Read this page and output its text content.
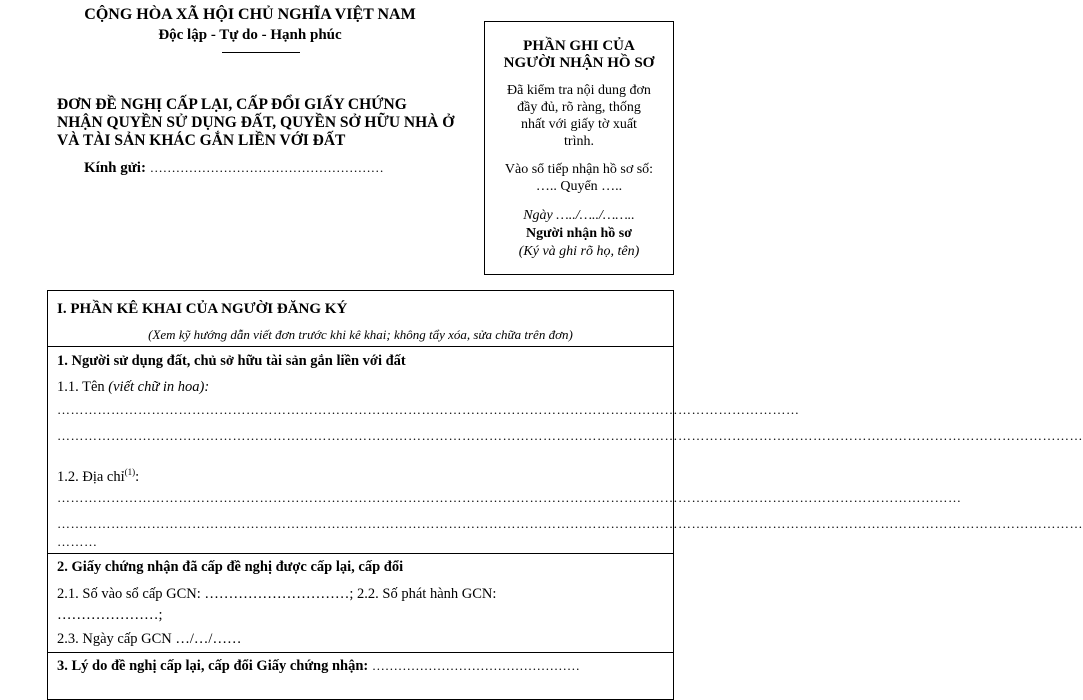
CỘNG HÒA XÃ HỘI CHỦ NGHĨA VIỆT NAM
Độc lập - Tự do - Hạnh phúc
PHẦN GHI CỦA
NGƯỜI NHẬN HỒ SƠ
Đã kiểm tra nội dung đơn
đầy đủ, rõ ràng, thống
nhất với giấy tờ xuất
trình.
Vào sổ tiếp nhận hồ sơ số:
….. Quyển …..
Ngày …../…../……..
Người nhận hồ sơ
(Ký và ghi rõ họ, tên)
ĐƠN ĐỀ NGHỊ CẤP LẠI, CẤP ĐỔI GIẤY CHỨNG
NHẬN QUYỀN SỬ DỤNG ĐẤT, QUYỀN SỞ HỮU NHÀ Ở
VÀ TÀI SẢN KHÁC GẮN LIỀN VỚI ĐẤT
Kính gửi: ………………………………………………
I. PHẦN KÊ KHAI CỦA NGƯỜI ĐĂNG KÝ
(Xem kỹ hướng dẫn viết đơn trước khi kê khai; không tẩy xóa, sửa chữa trên đơn)
1. Người sử dụng đất, chủ sở hữu tài sản gắn liền với đất
1.1. Tên (viết chữ in hoa):
…………………………………………………………………………………………………………………………………………………
…………………………………………………………………………………………………………………………………………………………………………………………………………
1.2. Địa chỉ$^{(1)}$:
…………………………………………………………………………………………………………………………………………………………………………………
…………………………………………………………………………………………………………………………………………………………………………………………………………
………
2. Giấy chứng nhận đã cấp đề nghị được cấp lại, cấp đổi
2.1. Số vào sổ cấp GCN: …………………………; 2.2. Số phát hành GCN:
…………………;
2.3. Ngày cấp GCN …/…/……
3. Lý do đề nghị cấp lại, cấp đổi Giấy chứng nhận: …………………………………………
